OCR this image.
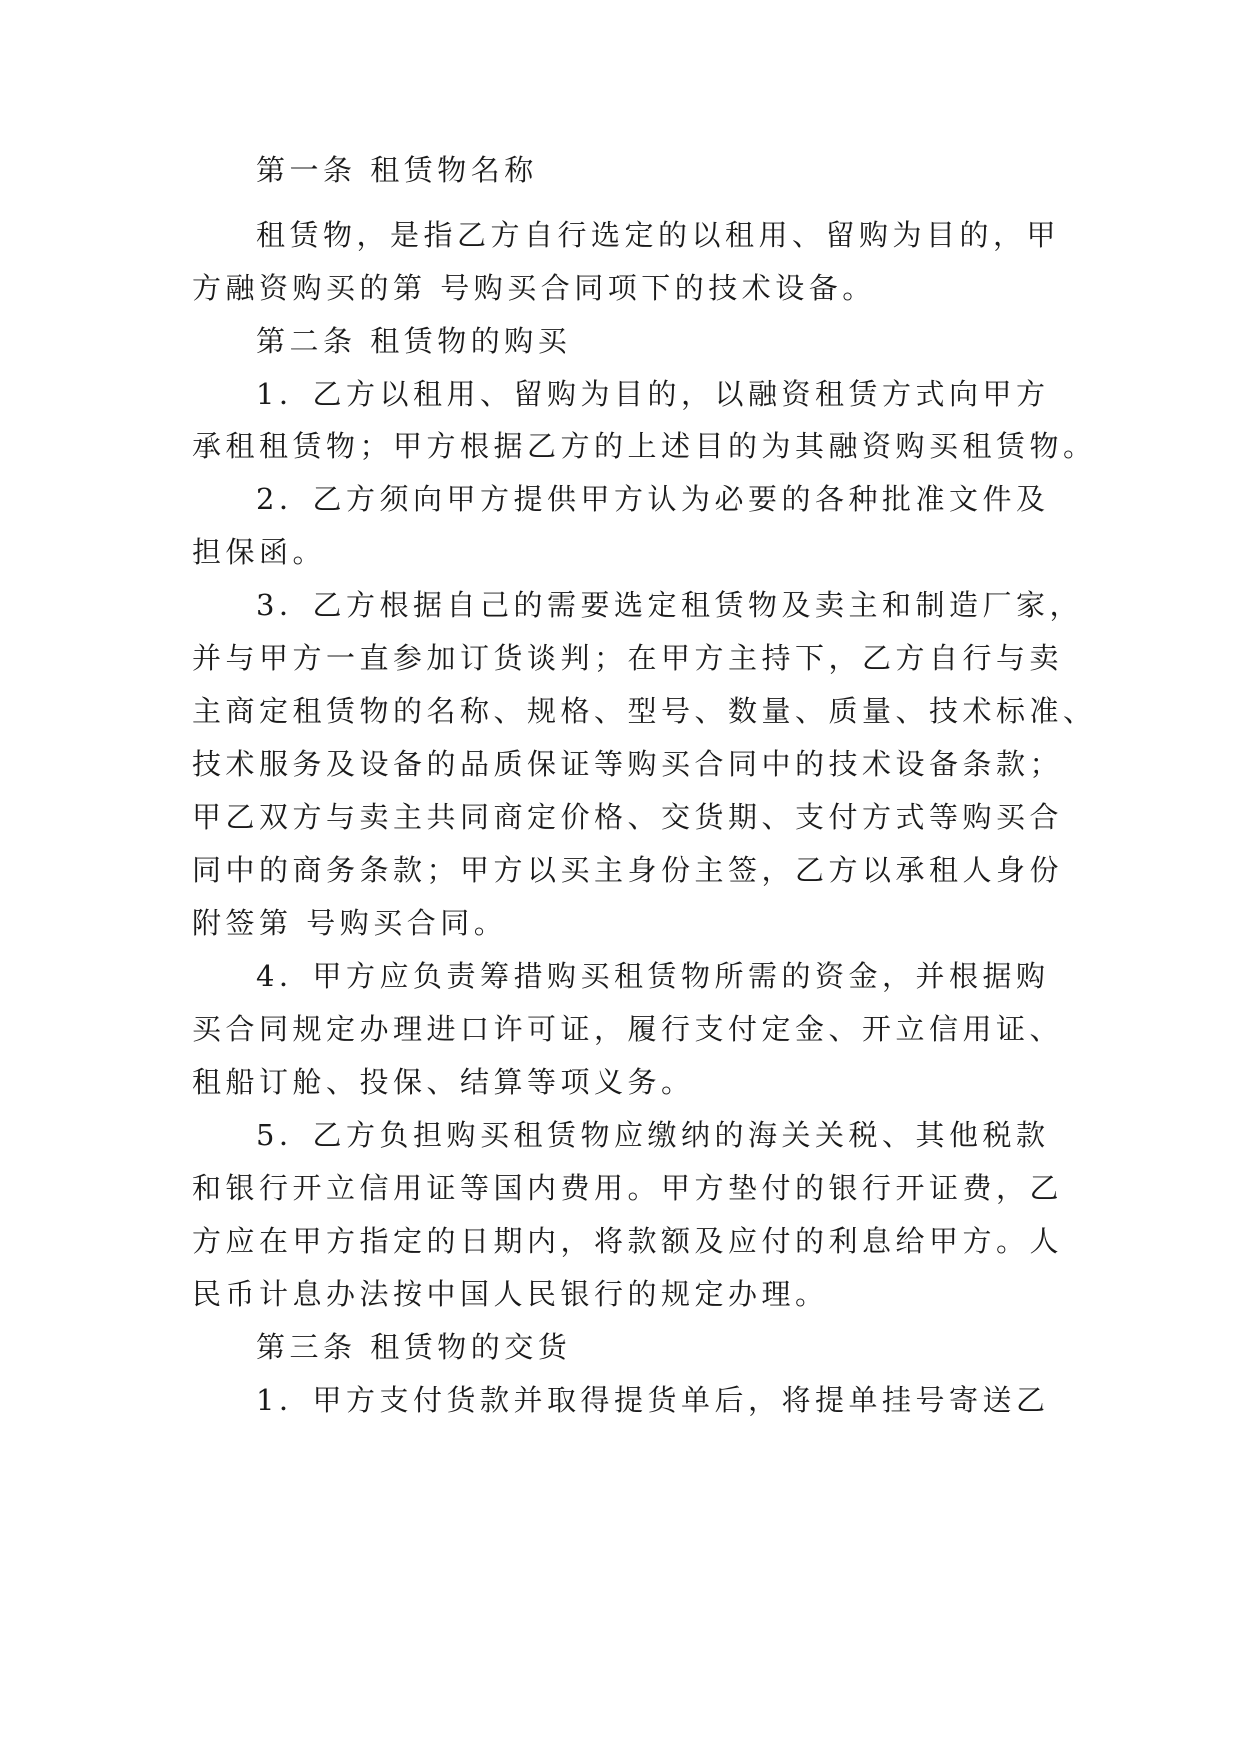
第一条 租赁物名称
租赁物，是指乙方自行选定的以租用、留购为目的，甲
方融资购买的第 号购买合同项下的技术设备。
第二条 租赁物的购买
1．乙方以租用、留购为目的，以融资租赁方式向甲方
承租租赁物；甲方根据乙方的上述目的为其融资购买租赁物。
2．乙方须向甲方提供甲方认为必要的各种批准文件及
担保函。
3．乙方根据自己的需要选定租赁物及卖主和制造厂家，
并与甲方一直参加订货谈判；在甲方主持下，乙方自行与卖
主商定租赁物的名称、规格、型号、数量、质量、技术标准、
技术服务及设备的品质保证等购买合同中的技术设备条款；
甲乙双方与卖主共同商定价格、交货期、支付方式等购买合
同中的商务条款；甲方以买主身份主签，乙方以承租人身份
附签第 号购买合同。
4．甲方应负责筹措购买租赁物所需的资金，并根据购
买合同规定办理进口许可证，履行支付定金、开立信用证、
租船订舱、投保、结算等项义务。
5．乙方负担购买租赁物应缴纳的海关关税、其他税款
和银行开立信用证等国内费用。甲方垫付的银行开证费，乙
方应在甲方指定的日期内，将款额及应付的利息给甲方。人
民币计息办法按中国人民银行的规定办理。
第三条 租赁物的交货
1．甲方支付货款并取得提货单后，将提单挂号寄送乙
